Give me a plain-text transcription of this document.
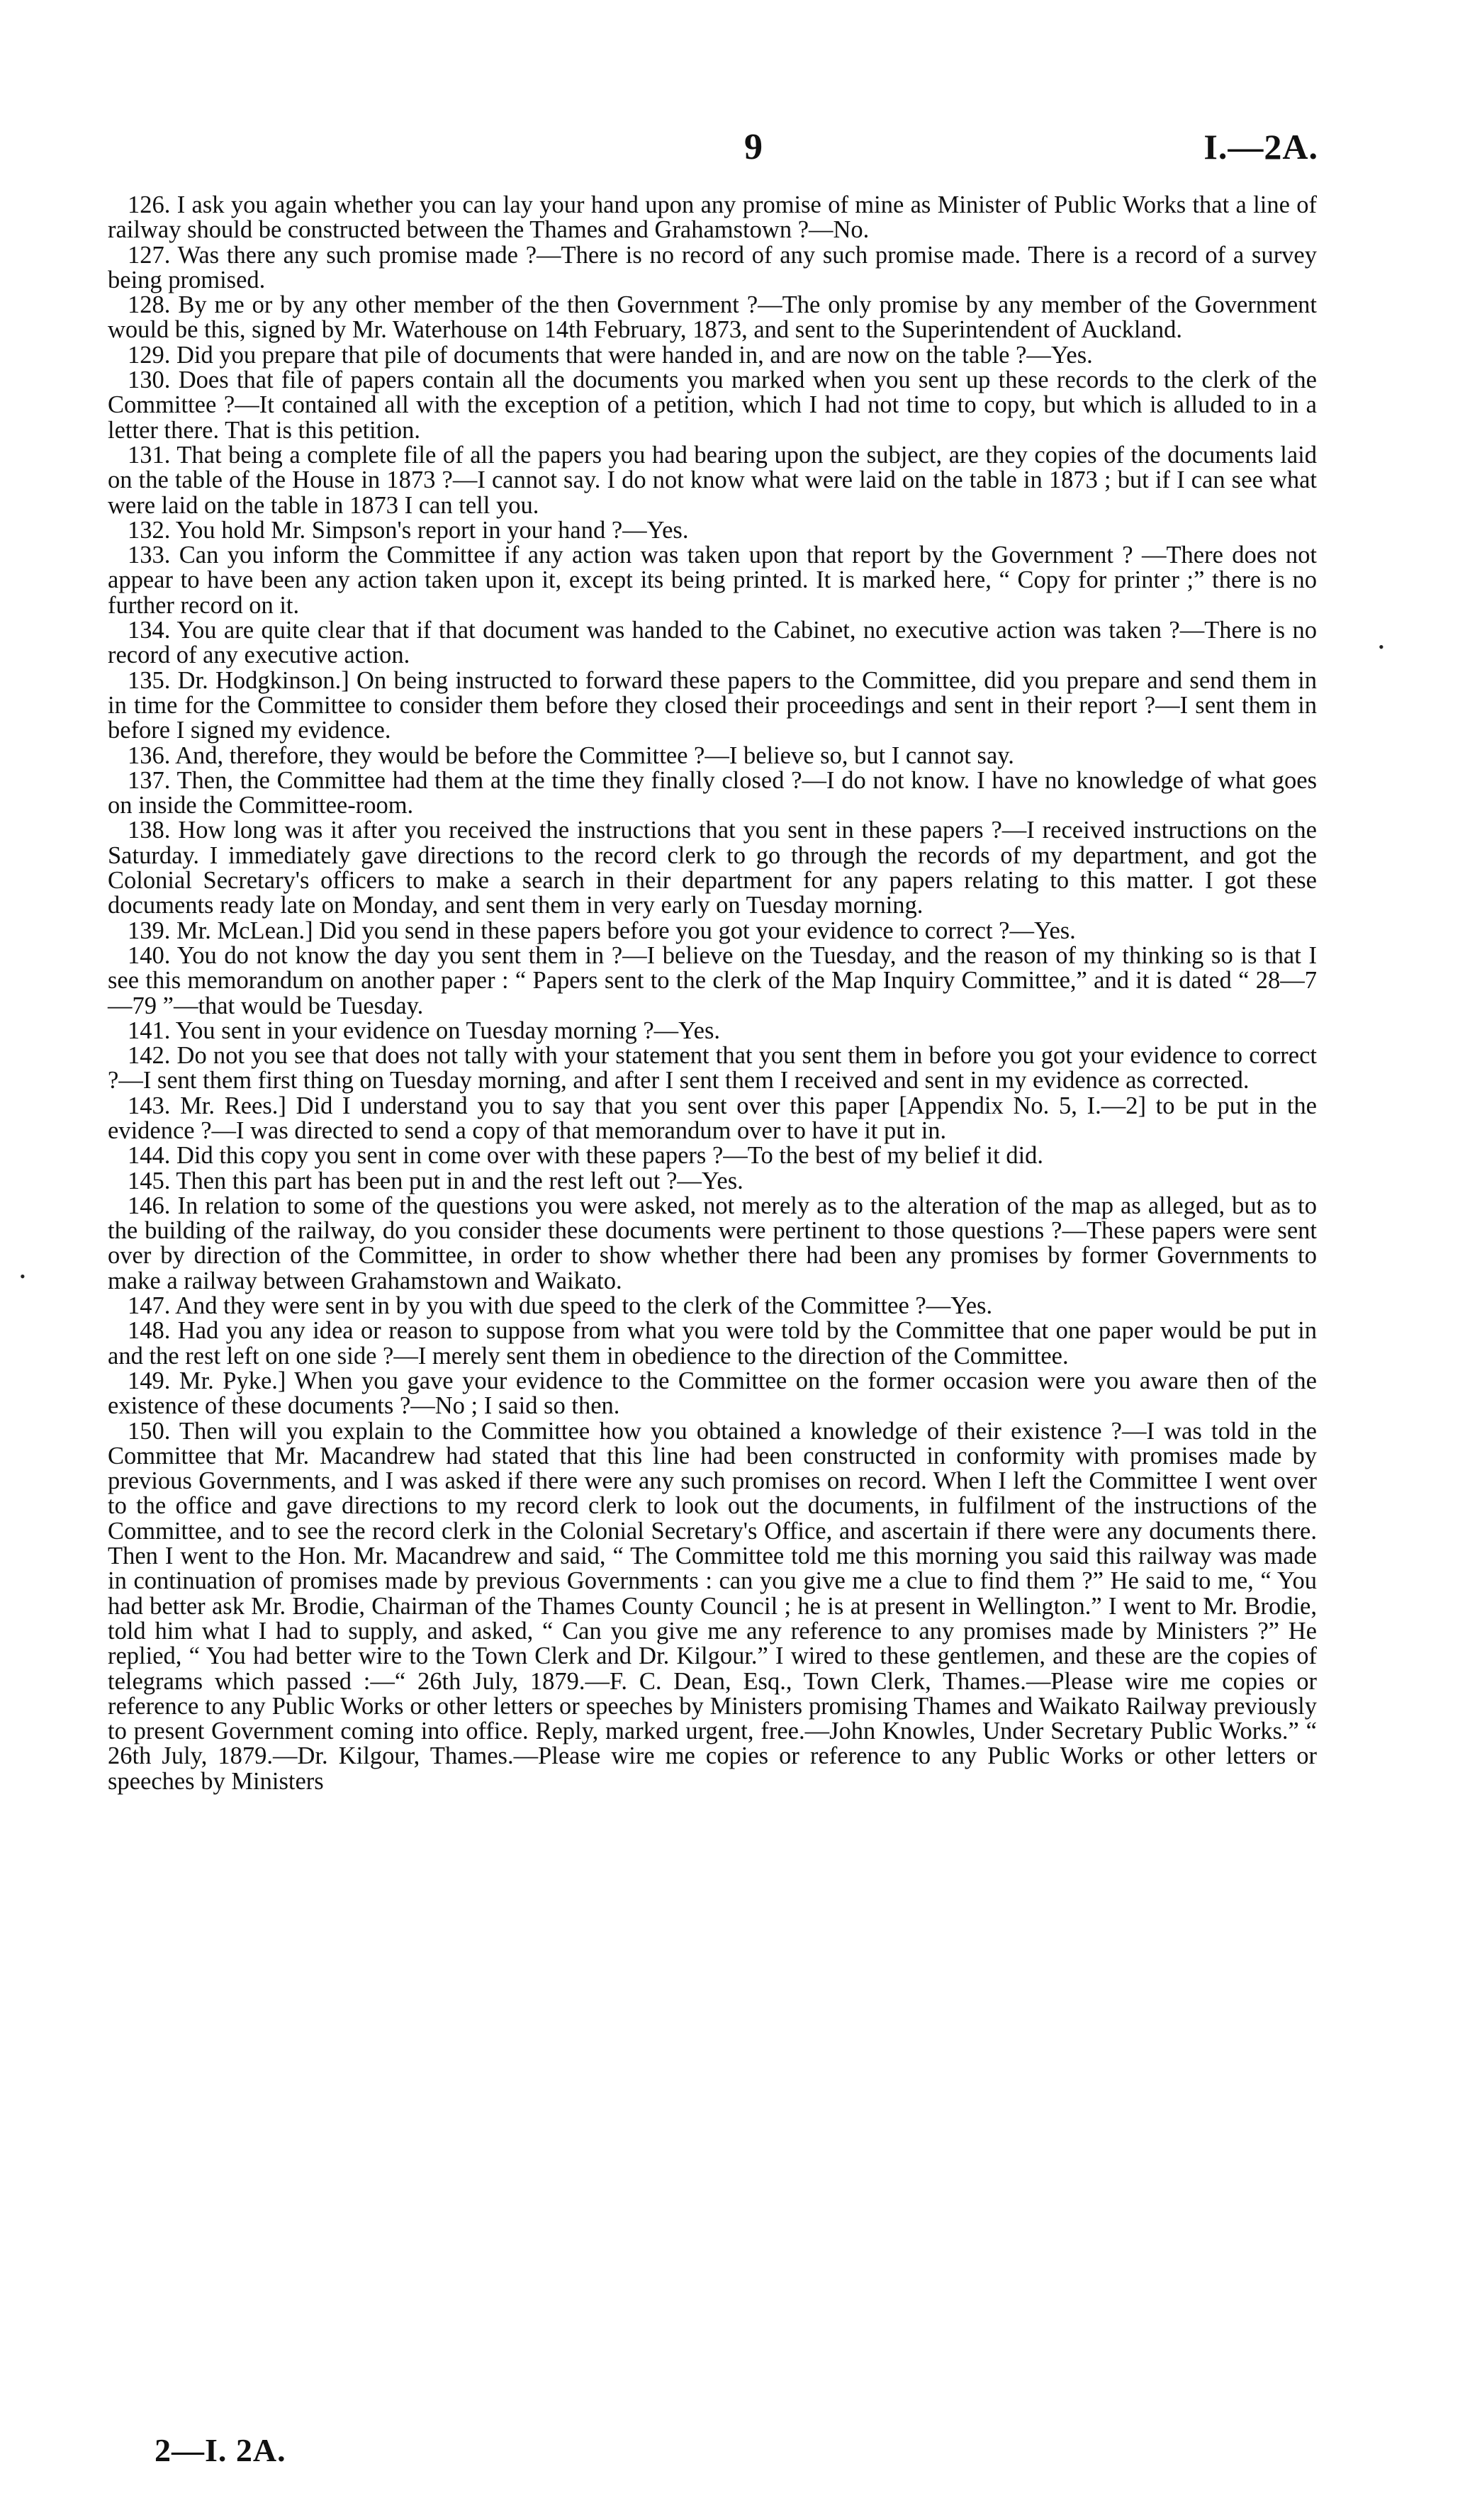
9	I.—2A.

126. I ask you again whether you can lay your hand upon any promise of mine as Minister of Public Works that a line of railway should be constructed between the Thames and Grahamstown ?—No.

127. Was there any such promise made ?—There is no record of any such promise made. There is a record of a survey being promised.

128. By me or by any other member of the then Government ?—The only promise by any member of the Government would be this, signed by Mr. Waterhouse on 14th February, 1873, and sent to the Superintendent of Auckland.

129. Did you prepare that pile of documents that were handed in, and are now on the table ?—Yes.

130. Does that file of papers contain all the documents you marked when you sent up these records to the clerk of the Committee ?—It contained all with the exception of a petition, which I had not time to copy, but which is alluded to in a letter there. That is this petition.

131. That being a complete file of all the papers you had bearing upon the subject, are they copies of the documents laid on the table of the House in 1873 ?—I cannot say. I do not know what were laid on the table in 1873 ; but if I can see what were laid on the table in 1873 I can tell you.

132. You hold Mr. Simpson's report in your hand ?—Yes.

133. Can you inform the Committee if any action was taken upon that report by the Government ? —There does not appear to have been any action taken upon it, except its being printed. It is marked here, “ Copy for printer ;” there is no further record on it.

134. You are quite clear that if that document was handed to the Cabinet, no executive action was taken ?—There is no record of any executive action.

135. Dr. Hodgkinson.] On being instructed to forward these papers to the Committee, did you prepare and send them in in time for the Committee to consider them before they closed their proceedings and sent in their report ?—I sent them in before I signed my evidence.

136. And, therefore, they would be before the Committee ?—I believe so, but I cannot say.

137. Then, the Committee had them at the time they finally closed ?—I do not know. I have no knowledge of what goes on inside the Committee-room.

138. How long was it after you received the instructions that you sent in these papers ?—I received instructions on the Saturday. I immediately gave directions to the record clerk to go through the records of my department, and got the Colonial Secretary's officers to make a search in their department for any papers relating to this matter. I got these documents ready late on Monday, and sent them in very early on Tuesday morning.

139. Mr. McLean.] Did you send in these papers before you got your evidence to correct ?—Yes.

140. You do not know the day you sent them in ?—I believe on the Tuesday, and the reason of my thinking so is that I see this memorandum on another paper : “ Papers sent to the clerk of the Map Inquiry Committee,” and it is dated “ 28—7—79 ”—that would be Tuesday.

141. You sent in your evidence on Tuesday morning ?—Yes.

142. Do not you see that does not tally with your statement that you sent them in before you got your evidence to correct ?—I sent them first thing on Tuesday morning, and after I sent them I received and sent in my evidence as corrected.

143. Mr. Rees.] Did I understand you to say that you sent over this paper [Appendix No. 5, I.—2] to be put in the evidence ?—I was directed to send a copy of that memorandum over to have it put in.

144. Did this copy you sent in come over with these papers ?—To the best of my belief it did.

145. Then this part has been put in and the rest left out ?—Yes.

146. In relation to some of the questions you were asked, not merely as to the alteration of the map as alleged, but as to the building of the railway, do you consider these documents were pertinent to those questions ?—These papers were sent over by direction of the Committee, in order to show whether there had been any promises by former Governments to make a railway between Grahamstown and Waikato.

147. And they were sent in by you with due speed to the clerk of the Committee ?—Yes.

148. Had you any idea or reason to suppose from what you were told by the Committee that one paper would be put in and the rest left on one side ?—I merely sent them in obedience to the direction of the Committee.

149. Mr. Pyke.] When you gave your evidence to the Committee on the former occasion were you aware then of the existence of these documents ?—No ; I said so then.

150. Then will you explain to the Committee how you obtained a knowledge of their existence ?—I was told in the Committee that Mr. Macandrew had stated that this line had been constructed in conformity with promises made by previous Governments, and I was asked if there were any such promises on record. When I left the Committee I went over to the office and gave directions to my record clerk to look out the documents, in fulfilment of the instructions of the Committee, and to see the record clerk in the Colonial Secretary's Office, and ascertain if there were any documents there. Then I went to the Hon. Mr. Macandrew and said, “ The Committee told me this morning you said this railway was made in continuation of promises made by previous Governments : can you give me a clue to find them ?” He said to me, “ You had better ask Mr. Brodie, Chairman of the Thames County Council ; he is at present in Wellington.” I went to Mr. Brodie, told him what I had to supply, and asked, “ Can you give me any reference to any promises made by Ministers ?” He replied, “ You had better wire to the Town Clerk and Dr. Kilgour.” I wired to these gentlemen, and these are the copies of telegrams which passed :—“ 26th July, 1879.—F. C. Dean, Esq., Town Clerk, Thames.—Please wire me copies or reference to any Public Works or other letters or speeches by Ministers promising Thames and Waikato Railway previously to present Government coming into office. Reply, marked urgent, free.—John Knowles, Under Secretary Public Works.” “ 26th July, 1879.—Dr. Kilgour, Thames.—Please wire me copies or reference to any Public Works or other letters or speeches by Ministers

•
•
2—I. 2A.
